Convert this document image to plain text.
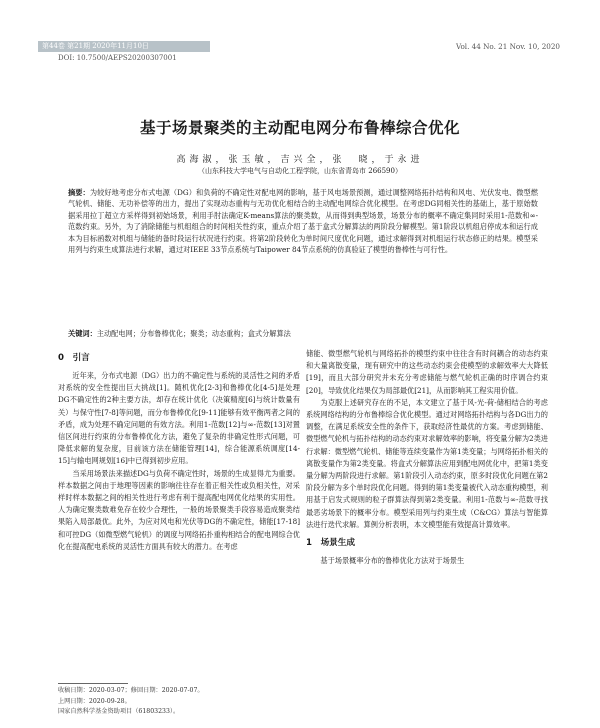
第44卷 第21期 2020年11月10日	Vol. 44 No. 21 Nov. 10, 2020
DOI: 10.7500/AEPS20200307001
基于场景聚类的主动配电网分布鲁棒综合优化
高海淑，张玉敏，吉兴全，张　晓，于永进
（山东科技大学电气与自动化工程学院，山东省青岛市 266590）
摘要：为较好地考虑分布式电源（DG）和负荷的不确定性对配电网的影响，基于风电场景预测，通过调整网络拓扑结构和风电、光伏发电、微型燃气轮机、储能、无功补偿等的出力，提出了实现动态重构与无功优化相结合的主动配电网综合优化模型。在考虑DG同相关性的基础上，基于原始数据采用拉丁超立方采样得到初始场景，利用手肘法确定K-means算法的聚类数，从而得到典型场景，场景分布的概率不确定集同时采用1-范数和∞-范数约束。另外，为了消除储能与机组组合的时间相关性约束，重点介绍了基于盒式分解算法的两阶段分解模型。第1阶段以机组启停成本和运行成本为目标函数对机组与储能的备时段运行状况进行约束。将第2阶段转化为单时间尺度优化问题，通过求解得到对机组运行状态修正的结果。模型采用列与约束生成算法进行求解，通过对IEEE 33节点系统与Taipower 84节点系统的仿真验证了模型的鲁棒性与可行性。
关键词：主动配电网；分布鲁棒优化；聚类；动态重构；盒式分解算法
0　引言

近年来，分布式电源（DG）出力的不确定性与系统的灵活性之间的矛盾对系统的安全性提出巨大挑战[1]。随机优化[2-3]和鲁棒优化[4-5]是处理DG不确定性的2种主要方法，却存在统计优化（决策精度[6]与统计数量有关）与保守性[7-8]等问题，而分布鲁棒优化[9-11]能够有效平衡两者之间的矛盾，成为处理不确定问题的有效方法。利用1-范数[12]与∞-范数[13]对置信区间进行约束的分布鲁棒优化方法，避免了复杂的非确定性形式问题，可降低求解的复杂度，目前该方法在储能管理[14]，综合能源系统调度[14-15]与输电网规划[16]中已得到初步应用。

当采用场景法来描述DG与负荷不确定性时，场景的生成显得尤为重要。样本数据之间由于地理等因素的影响往往存在着正相关性或负相关性，对采样时样本数据之间的相关性进行考虑有利于提高配电网优化结果的实用性。人为确定聚类数难免存在较少合理性，一般的场景聚类手段容易造成聚类结果陷入局部最优。此外，为应对风电和光伏等DG的不确定性，储能[17-18]和可控DG（如微型燃气轮机）的调度与网络拓扑重构相结合的配电网综合优化在提高配电系统的灵活性方面具有较大的潜力。在考虑

储能、微型燃气轮机与网络拓扑的模型约束中往往含有时间耦合的动态约束和大量离散变量，现有研究中的这些动态约束会使模型的求解效率大大降低[19]，而且大部分研究并未充分考虑储能与燃气轮机正确的时序调合约束[20]，导致优化结果仅为局部最优[21]，从而影响其工程实用价值。

为克服上述研究存在的不足，本文建立了基于风-光-荷-储相结合的考虑系统网络结构的分布鲁棒综合优化模型。通过对网络拓扑结构与各DG出力的调整，在满足系统安全性的条件下，获取经济性最优的方案。考虑到储能、微型燃气轮机与拓扑结构的动态约束对求解效率的影响，将变量分解为2类进行求解：微型燃气轮机、储能等连续变量作为第1类变量；与网络拓扑相关的离散变量作为第2类变量。将盒式分解算法应用到配电网优化中，把第1类变量分解为两阶段进行求解。第1阶段引入动态约束，原多时段优化问题在第2阶段分解为多个单时段优化问题。得到的第1类变量被代入动态重构模型，利用基于启发式规则的粒子群算法得到第2类变量。利用1-范数与∞-范数寻找最恶劣场景下的概率分布。模型采用列与约束生成（C&CG）算法与智能算法进行迭代求解。算例分析表明，本文模型能有效提高计算效率。

1　场景生成

基于场景概率分布的鲁棒优化方法对于场景生

收稿日期：2020-03-07；修回日期：2020-07-07。
上网日期：2020-09-28。
国家自然科学基金资助项目（61803233）。
